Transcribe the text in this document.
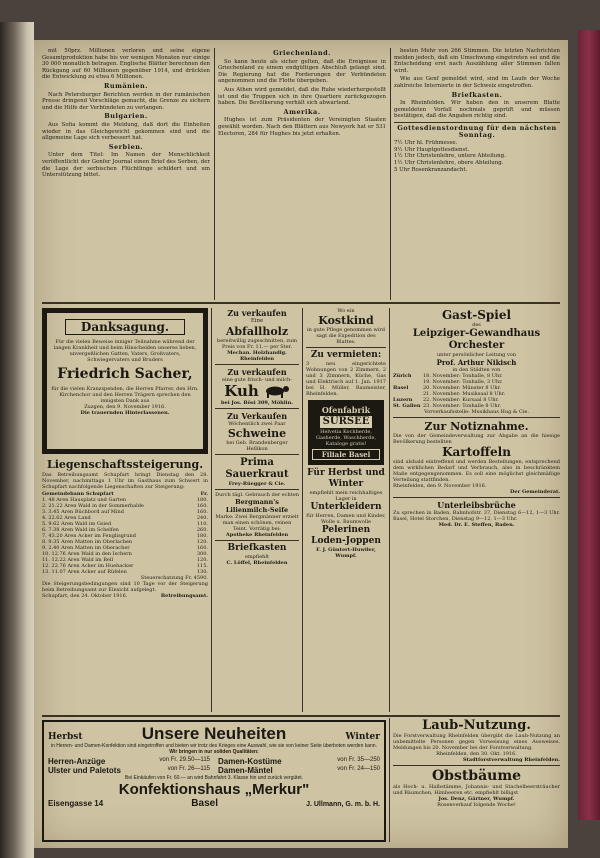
mit 50prz. Millionen verloren und seine eigene Gesamtproduktion habe bis vor wenigen Monaten nur einige 30 000 monatlich betragen. Englische Blätter berechnen den Rückgang auf 60 Millionen gegenüber 1914, und drückten die Entwicklung zu etwa 6 Millionen.

Rumänien.

Nach Petersburger Berichten werden in der rumänischen Presse dringend Vorschläge gemacht, die Grenze zu sichern und die Hilfe der Verbündeten zu verlangen.

Bulgarien.

Aus Sofia kommt die Meldung, daß dort die Einheiten wieder in das Gleichgewicht gekommen sind und die allgemeine Lage sich verbessert hat.

Serbien.

Unter dem Titel: Im Namen der Menschlichkeit veröffentlicht der Genfer Journal einen Brief des Serben, der die Lage der serbischen Flüchtlinge schildert und um Unterstützung bittet.

Griechenland.

So kann heute als sicher gelten, daß die Ereignisse in Griechenland zu einem endgültigen Abschluß gelangt sind. Die Regierung hat die Forderungen der Verbündeten angenommen und die Flotte übergeben.

Aus Athen wird gemeldet, daß die Ruhe wiederhergestellt ist und die Truppen sich in ihre Quartiere zurückgezogen haben. Die Bevölkerung verhält sich abwartend.

Amerika.

Hughes ist zum Präsidenten der Vereinigten Staaten gewählt worden. Nach den Blättern aus Newyork hat er 531 Electoren, 284 für Hughes bis jetzt erhalten.

besten Mehr von 266 Stimmen. Die letzten Nachrichten melden jedoch, daß ein Umschwung eingetreten sei und die Entscheidung erst nach Auszählung aller Stimmen fallen wird.

Wie aus Genf gemeldet wird, sind im Laufe der Woche zahlreiche Internierte in der Schweiz eingetroffen.

Briefkasten.

In Rheinfelden. Wir haben den in unserem Blatte gemeldeten Vorfall nochmals geprüft und müssen bestätigen, daß die Angaben richtig sind.

Gottesdienstordnung für den nächsten Sonntag.
7½ Uhr hl. Frühmesse.
9½ Uhr Hauptgottesdienst.
1½ Uhr Christenlehre, untere Abteilung.
1½ Uhr Christenlehre, obere Abteilung.
5 Uhr Rosenkranzandacht.
Danksagung.
Für die vielen Beweise inniger Teilnahme während der langen Krankheit und beim Hinscheiden unseres lieben, unvergeßlichen Gatten, Vaters, Großvaters, Schwiegervaters und Bruders
Friedrich Sacher,
für die vielen Kranzspenden, die Herren Pfarrer, den Hrn. Kirchenchor und den Herren Trägern sprechen den innigsten Dank aus
Zuzgen, den 9. November 1916.
Die trauernden Hinterlassenen.
Liegenschaftssteigerung.
Das Betreibungsamt Schupfart bringt Dienstag den 28. November, nachmittags 1 Uhr im Gasthaus zum Schwert in Schupfart nachfolgende Liegenschaften zur Steigerung:
Gemeindebann Schupfart	Fr.
1. 48 Aren Hausplatz und Garten	180.
2. 21.22 Aren Wald in der Sommerhalde	160.
3. 3.45 Aren Büchbord auf Mind	160.
4. 22.62 Aren Land	240.
5. 9.62 Aren Wald im Gsied	110.
6. 7.38 Aren Wald im Schelfen	260.
7. 43.20 Aren Acker im Fenglisgrund	180.
8. 9.35 Aren Matten im Oberlachen	120.
9. 2.40 Aren Matten im Oberacher	160.
10. 12.76 Aren Wald in den Ischern	300.
11. 12.22 Aren Wald im Bell	120.
12. 22.76 Aren Acker im Huebacker	115.
13. 11.07 Aren Acker auf Rüfelen	130.
Steuerschatzung Fr. 4590.
Die Steigerungsbedingungen sind 10 Tage vor der Steigerung beim Betreibungsamt zur Einsicht aufgelegt.
Schupfart, den 24. Oktober 1916.	Betreibungsamt.
Zu verkaufen
Eine
Abfallholz
bereitwillig zugeschnitten, zum Preis von Fr. 11.— per Ster.
Mechan. Holzhandlg. Rheinfelden
Zu verkaufen
eine gute frisch- und milch-
Kuh
bei Jos. Bösi 309, Möhlin.
Zu Verkaufen
Wöchentlich zwei Paar
Schweine
bei Geb. Brandenberger Hellikon
Prima Sauerkraut
Frey-Rüegger & Cie.
Durch tägl. Gebrauch der echten
Bergmann's Lilienmilch-Seife
Marke: Zwei Bergmänner erzielt man einen schönen, reinen Teint. Vorrätig bei:
Apotheke Rheinfelden
Briefkasten
empfiehlt
C. Löffel, Rheinfelden
Wo ein
Kostkind
in gute Pflege genommen wird sagt die Expedition des Blattes.
Zu vermieten:
3 neu eingerichtete Wohnungen von 2 Zimmern, 2 und 3 Zimmern, Küche, Gas und Elektrisch auf 1. Jan. 1917 bei H. Müller, Baumeister, Rheinfelden.
Ofenfabrik
SURSEE
Helvetia Kochherde, Gasherde, Waschherde, Kataloge gratis!
Filiale Basel
Für Herbst und Winter
empfiehlt mein reichhaltiges Lager in
Unterkleidern
für Herren, Damen und Kinder, Wolle u. Baumwolle
Pelerinen Loden-Joppen
F. J. Güntert-Huwiler, Wumpf.
Gast-Spiel
des
Leipziger-Gewandhaus Orchester
unter persönlicher Leitung von
Prof. Arthur Nikisch
in den Städten von
Zürich	18. November: Tonhalle, 8 Uhr.
	19. November: Tonhalle, 3 Uhr.
Basel	20. November: Münster 8 Uhr.
	21. November: Musiksaal 8 Uhr.
Luzern	22. November: Kursaal 8 Uhr.
St. Gallen	23. November: Tonhalle 8 Uhr.
Vorverkaufsstelle: Musikhaus Hug & Cie.
Zur Notiznahme.
Die von der Gemeindeverwaltung zur Abgabe an die hiesige Bevölkerung bestellten
Kartoffeln
sind alsbald eintreffend und werden Bestellungen, entsprechend dem wirklichen Bedarf und Verbrauch, also in beschränktem Maße entgegengenommen. Es soll eine möglichst gleichmäßige Verteilung stattfinden.
Rheinfelden, den 9. November 1916.
Der Gemeinderat.
Unterleibsbrüche
Zu sprechen in Baden, Bahnhofstr. 37, Dienstag 6—12, 1—3 Uhr. Basel, Hotel Storchen, Dienstag 9—12, 1—3 Uhr.
Med. Dr. E. Steffen, Baden.
Herbst	Unsere Neuheiten	Winter
in Herren- und Damen-Konfektion sind eingetroffen und bieten wir trotz des Krieges eine Auswahl, wie sie von keiner Seite überboten werden kann.
Wir bringen in nur soliden Qualitäten:
Herren-Anzüge	von Fr. 29.50—115
Ulster und Paletots	von Fr. 26—115
Damen-Kostüme	von Fr. 35—250
Damen-Mäntel	von Fr. 24—150
Bei Einkäufen von Fr. 60.— an wird Bahnfahrt 3. Klasse hin und zurück vergütet.
Konfektionshaus „Merkur"
Eisengasse 14	Basel	J. Ullmann, G. m. b. H.
Laub-Nutzung.
Die Forstverwaltung Rheinfelden übergibt die Laub-Nutzung an unbemittelte Personen gegen Vorweisung eines Ausweises. Meldungen bis 20. November bei der Forstverwaltung.
Rheinfelden, den 30. Okt. 1916.
Stadtforstverwaltung Rheinfelden.
Obstbäume
als Hoch- u. Halbstämme, Johannis- und Stachelbeersträucher und Bäumchen, Himbeeren etc. empfiehlt billigst
Jos. Denz, Gärtner, Wumpf.
Rosenverkauf folgende Woche!
